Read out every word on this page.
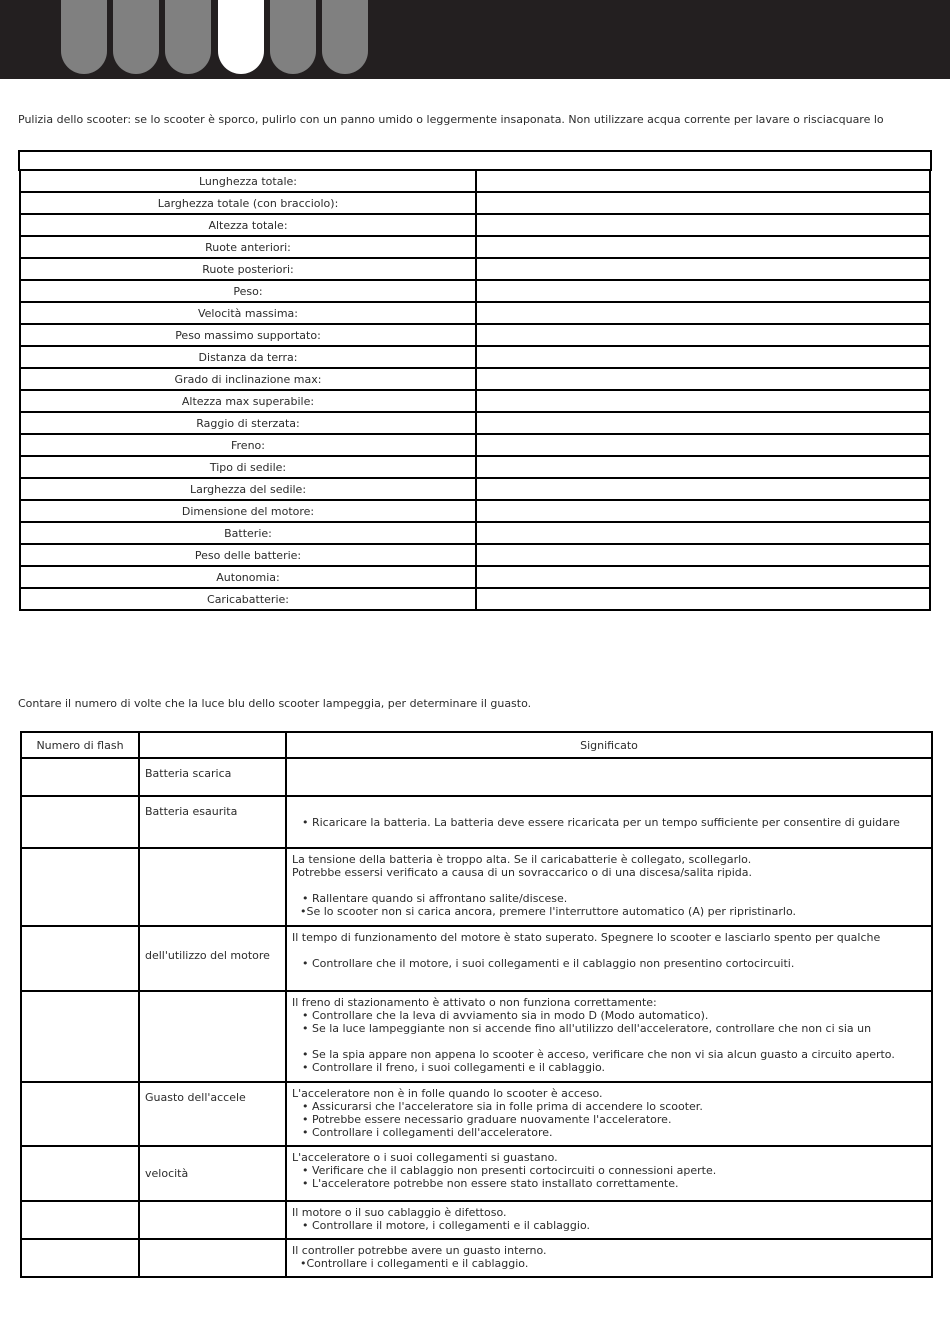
Pulizia dello scooter: se lo scooter è sporco, pulirlo con un panno umido o leggermente insaponata. Non utilizzare acqua corrente per lavare o risciacquare lo
Lunghezza totale:	
Larghezza totale (con bracciolo):	
Altezza totale:	
Ruote anteriori:	
Ruote posteriori:	
Peso:	
Velocità massima:	
Peso massimo supportato:	
Distanza da terra:	
Grado di inclinazione max:	
Altezza max superabile:	
Raggio di sterzata:	
Freno:	
Tipo di sedile:	
Larghezza del sedile:	
Dimensione del motore:	
Batterie:	
Peso delle batterie:	
Autonomia:	
Caricabatterie:	
Contare il numero di volte che la luce blu dello scooter lampeggia, per determinare il guasto.
Numero di flash		Significato
	Batteria scarica	
	Batteria esaurita	• Ricaricare la batteria. La batteria deve essere ricaricata per un tempo sufficiente per consentire di guidare

		La tensione della batteria è troppo alta. Se il caricabatterie è collegato, scollegarlo.
Potrebbe essersi verificato a causa di un sovraccarico o di una discesa/salita ripida.
• Rallentare quando si affrontano salite/discese.
•Se lo scooter non si carica ancora, premere l'interruttore automatico (A) per ripristinarlo.

	dell'utilizzo del motore	Il tempo di funzionamento del motore è stato superato. Spegnere lo scooter e lasciarlo spento per qualche
• Controllare che il motore, i suoi collegamenti e il cablaggio non presentino cortocircuiti.

		Il freno di stazionamento è attivato o non funziona correttamente:
• Controllare che la leva di avviamento sia in modo D (Modo automatico).
• Se la luce lampeggiante non si accende fino all'utilizzo dell'acceleratore, controllare che non ci sia un
• Se la spia appare non appena lo scooter è acceso, verificare che non vi sia alcun guasto a circuito aperto.
• Controllare il freno, i suoi collegamenti e il cablaggio.

	Guasto dell'accele	L'acceleratore non è in folle quando lo scooter è acceso.
• Assicurarsi che l'acceleratore sia in folle prima di accendere lo scooter.
• Potrebbe essere necessario graduare nuovamente l'acceleratore.
• Controllare i collegamenti dell'acceleratore.

	velocità	L'acceleratore o i suoi collegamenti si guastano.
• Verificare che il cablaggio non presenti cortocircuiti o connessioni aperte.
• L'acceleratore potrebbe non essere stato installato correttamente.

		Il motore o il suo cablaggio è difettoso.
• Controllare il motore, i collegamenti e il cablaggio.

		Il controller potrebbe avere un guasto interno.
•Controllare i collegamenti e il cablaggio.
